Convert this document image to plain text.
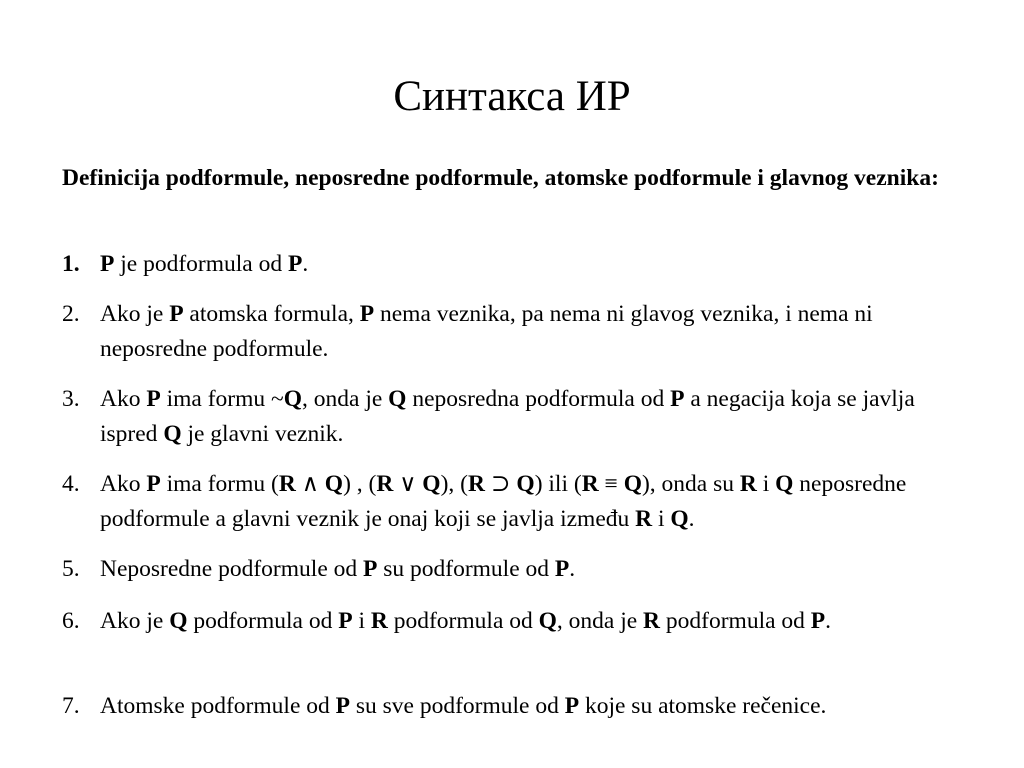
Синтакса ИР

Definicija podformule, neposredne podformule, atomske podformule i glavnog veznika:

1. P je podformula od P.
2. Ako je P atomska formula, P nema veznika, pa nema ni glavog veznika, i nema ni neposredne podformule.
3. Ako P ima formu ~Q, onda je Q neposredna podformula od P a negacija koja se javlja ispred Q je glavni veznik.
4. Ako P ima formu (R ∧ Q) , (R ∨ Q), (R ⊃ Q) ili (R ≡ Q), onda su R i Q neposredne podformule a glavni veznik je onaj koji se javlja između R i Q.
5. Neposredne podformule od P su podformule od P.
6. Ako je Q podformula od P i R podformula od Q, onda je R podformula od P.
7. Atomske podformule od P su sve podformule od P koje su atomske rečenice.
